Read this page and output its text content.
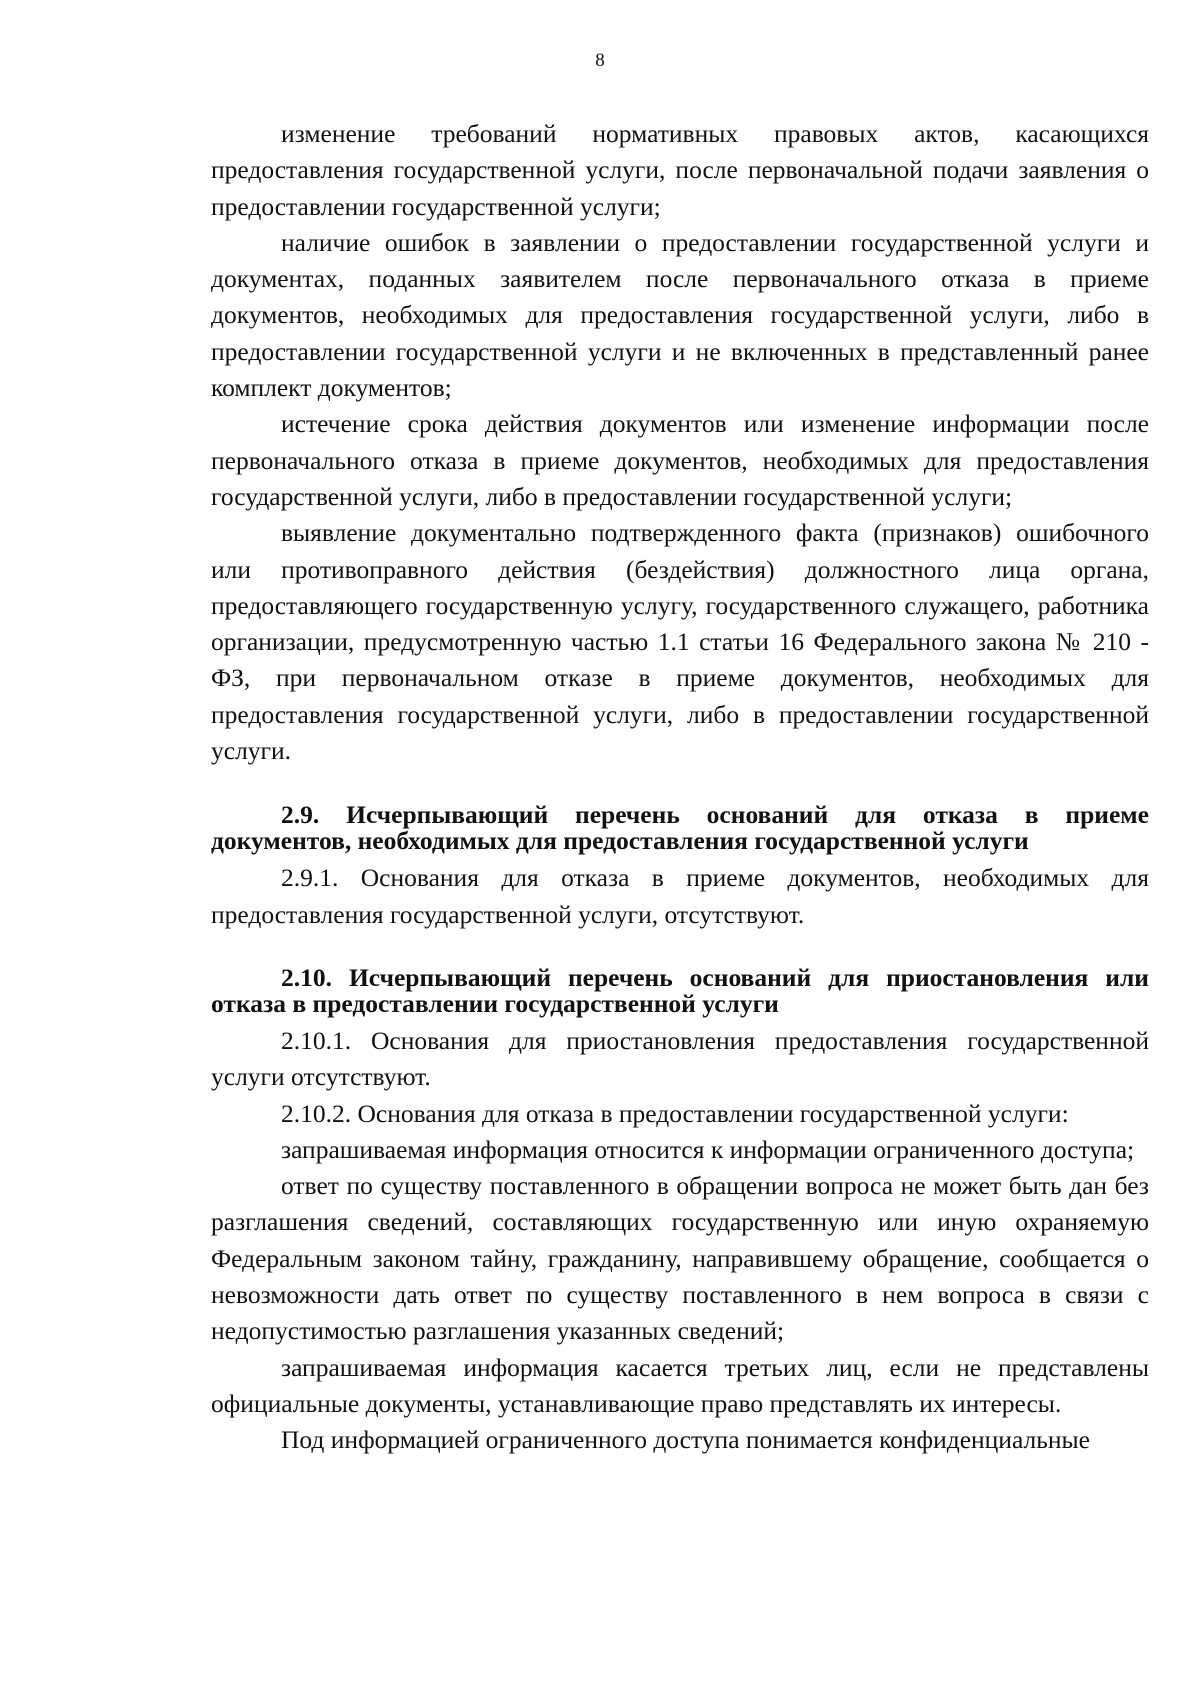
8

изменение требований нормативных правовых актов, касающихся предоставления государственной услуги, после первоначальной подачи заявления о предоставлении государственной услуги;

наличие ошибок в заявлении о предоставлении государственной услуги и документах, поданных заявителем после первоначального отказа в приеме документов, необходимых для предоставления государственной услуги, либо в предоставлении государственной услуги и не включенных в представленный ранее комплект документов;

истечение срока действия документов или изменение информации после первоначального отказа в приеме документов, необходимых для предоставления государственной услуги, либо в предоставлении государственной услуги;

выявление документально подтвержденного факта (признаков) ошибочного или противоправного действия (бездействия) должностного лица органа, предоставляющего государственную услугу, государственного служащего, работника организации, предусмотренную частью 1.1 статьи 16 Федерального закона № 210 - ФЗ, при первоначальном отказе в приеме документов, необходимых для предоставления государственной услуги, либо в предоставлении государственной услуги.

2.9. Исчерпывающий перечень оснований для отказа в приеме документов, необходимых для предоставления государственной услуги

2.9.1. Основания для отказа в приеме документов, необходимых для предоставления государственной услуги, отсутствуют.

2.10. Исчерпывающий перечень оснований для приостановления или отказа в предоставлении государственной услуги

2.10.1. Основания для приостановления предоставления государственной услуги отсутствуют.

2.10.2. Основания для отказа в предоставлении государственной услуги:

запрашиваемая информация относится к информации ограниченного доступа;

ответ по существу поставленного в обращении вопроса не может быть дан без разглашения сведений, составляющих государственную или иную охраняемую Федеральным законом тайну, гражданину, направившему обращение, сообщается о невозможности дать ответ по существу поставленного в нем вопроса в связи с недопустимостью разглашения указанных сведений;

запрашиваемая информация касается третьих лиц, если не представлены официальные документы, устанавливающие право представлять их интересы.

Под информацией ограниченного доступа понимается конфиденциальные
